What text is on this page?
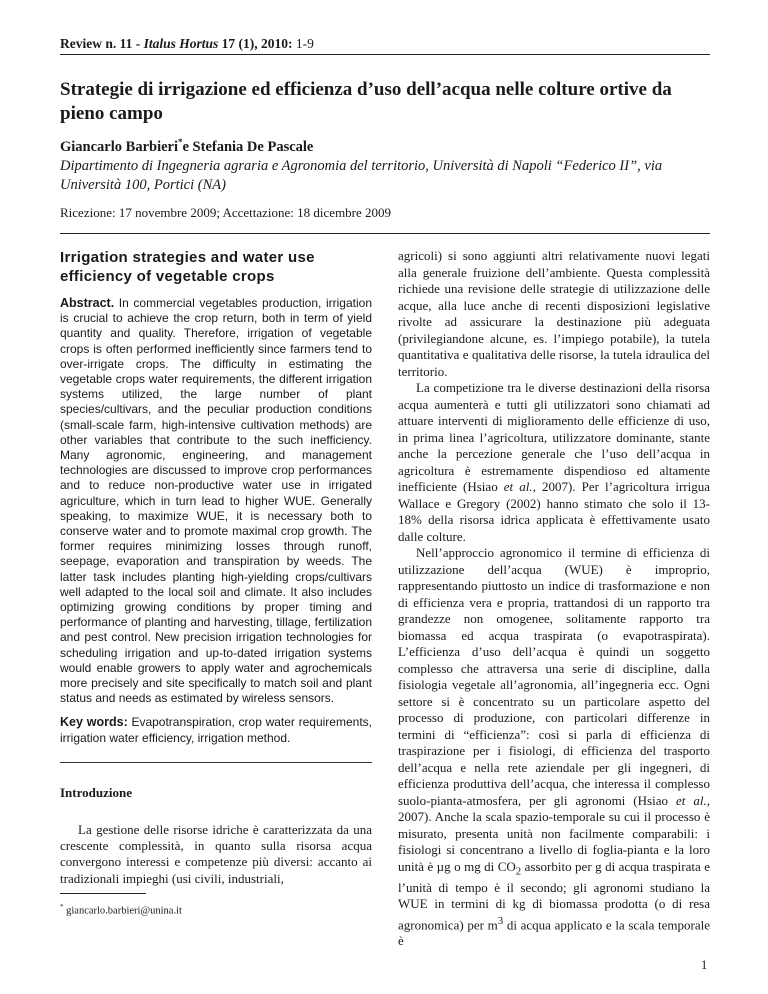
Review n. 11 - Italus Hortus 17 (1), 2010: 1-9
Strategie di irrigazione ed efficienza d’uso dell’acqua nelle colture ortive da pieno campo
Giancarlo Barbieri*e Stefania De Pascale
Dipartimento di Ingegneria agraria e Agronomia del territorio, Università di Napoli “Federico II”, via Università 100, Portici (NA)
Ricezione: 17 novembre 2009; Accettazione: 18 dicembre 2009
Irrigation strategies and water use efficiency of vegetable crops

Abstract. In commercial vegetables production, irrigation is crucial to achieve the crop return, both in term of yield quantity and quality. Therefore, irrigation of vegetable crops is often performed inefficiently since farmers tend to over-irrigate crops. The difficulty in estimating the vegetable crops water requirements, the different irrigation systems utilized, the large number of plant species/cultivars, and the peculiar production conditions (small-scale farm, high-intensive cultivation methods) are other variables that contribute to the such inefficiency. Many agronomic, engineering, and management technologies are discussed to improve crop performances and to reduce non-productive water use in irrigated agriculture, which in turn lead to higher WUE. Generally speaking, to maximize WUE, it is necessary both to conserve water and to promote maximal crop growth. The former requires minimizing losses through runoff, seepage, evaporation and transpiration by weeds. The latter task includes planting high-yielding crops/cultivars well adapted to the local soil and climate. It also includes optimizing growing conditions by proper timing and performance of planting and harvesting, tillage, fertilization and pest control. New precision irrigation technologies for scheduling irrigation and up-to-dated irrigation systems would enable growers to apply water and agrochemicals more precisely and site specifically to match soil and plant status and needs as estimated by wireless sensors.

Key words: Evapotranspiration, crop water requirements, irrigation water efficiency, irrigation method.

Introduzione

La gestione delle risorse idriche è caratterizzata da una crescente complessità, in quanto sulla risorsa acqua convergono interessi e competenze più diversi: accanto ai tradizionali impieghi (usi civili, industriali,

* giancarlo.barbieri@unina.it

agricoli) si sono aggiunti altri relativamente nuovi legati alla generale fruizione dell’ambiente. Questa complessità richiede una revisione delle strategie di utilizzazione delle acque, alla luce anche di recenti disposizioni legislative rivolte ad assicurare la destinazione più adeguata (privilegiandone alcune, es. l’impiego potabile), la tutela quantitativa e qualitativa delle risorse, la tutela idraulica del territorio.

La competizione tra le diverse destinazioni della risorsa acqua aumenterà e tutti gli utilizzatori sono chiamati ad attuare interventi di miglioramento delle efficienze di uso, in prima linea l’agricoltura, utilizzatore dominante, stante anche la percezione generale che l’uso dell’acqua in agricoltura è estremamente dispendioso ed altamente inefficiente (Hsiao et al., 2007). Per l’agricoltura irrigua Wallace e Gregory (2002) hanno stimato che solo il 13-18% della risorsa idrica applicata è effettivamente usato dalle colture.

Nell’approccio agronomico il termine di efficienza di utilizzazione dell’acqua (WUE) è improprio, rappresentando piuttosto un indice di trasformazione e non di efficienza vera e propria, trattandosi di un rapporto tra grandezze non omogenee, solitamente rapporto tra biomassa ed acqua traspirata (o evapotraspirata). L’efficienza d’uso dell’acqua è quindi un soggetto complesso che attraversa una serie di discipline, dalla fisiologia vegetale all’agronomia, all’ingegneria ecc. Ogni settore si è concentrato su un particolare aspetto del processo di produzione, con particolari differenze in termini di “efficienza”: così si parla di efficienza di traspirazione per i fisiologi, di efficienza del trasporto dell’acqua e nella rete aziendale per gli ingegneri, di efficienza produttiva dell’acqua, che interessa il complesso suolo-pianta-atmosfera, per gli agronomi (Hsiao et al., 2007). Anche la scala spazio-temporale su cui il processo è misurato, presenta unità non facilmente comparabili: i fisiologi si concentrano a livello di foglia-pianta e la loro unità è µg o mg di $CO_2$ assorbito per g di acqua traspirata e l’unità di tempo è il secondo; gli agronomi studiano la WUE in termini di kg di biomassa prodotta (o di resa agronomica) per $m^3$ di acqua applicato e la scala temporale è

1
